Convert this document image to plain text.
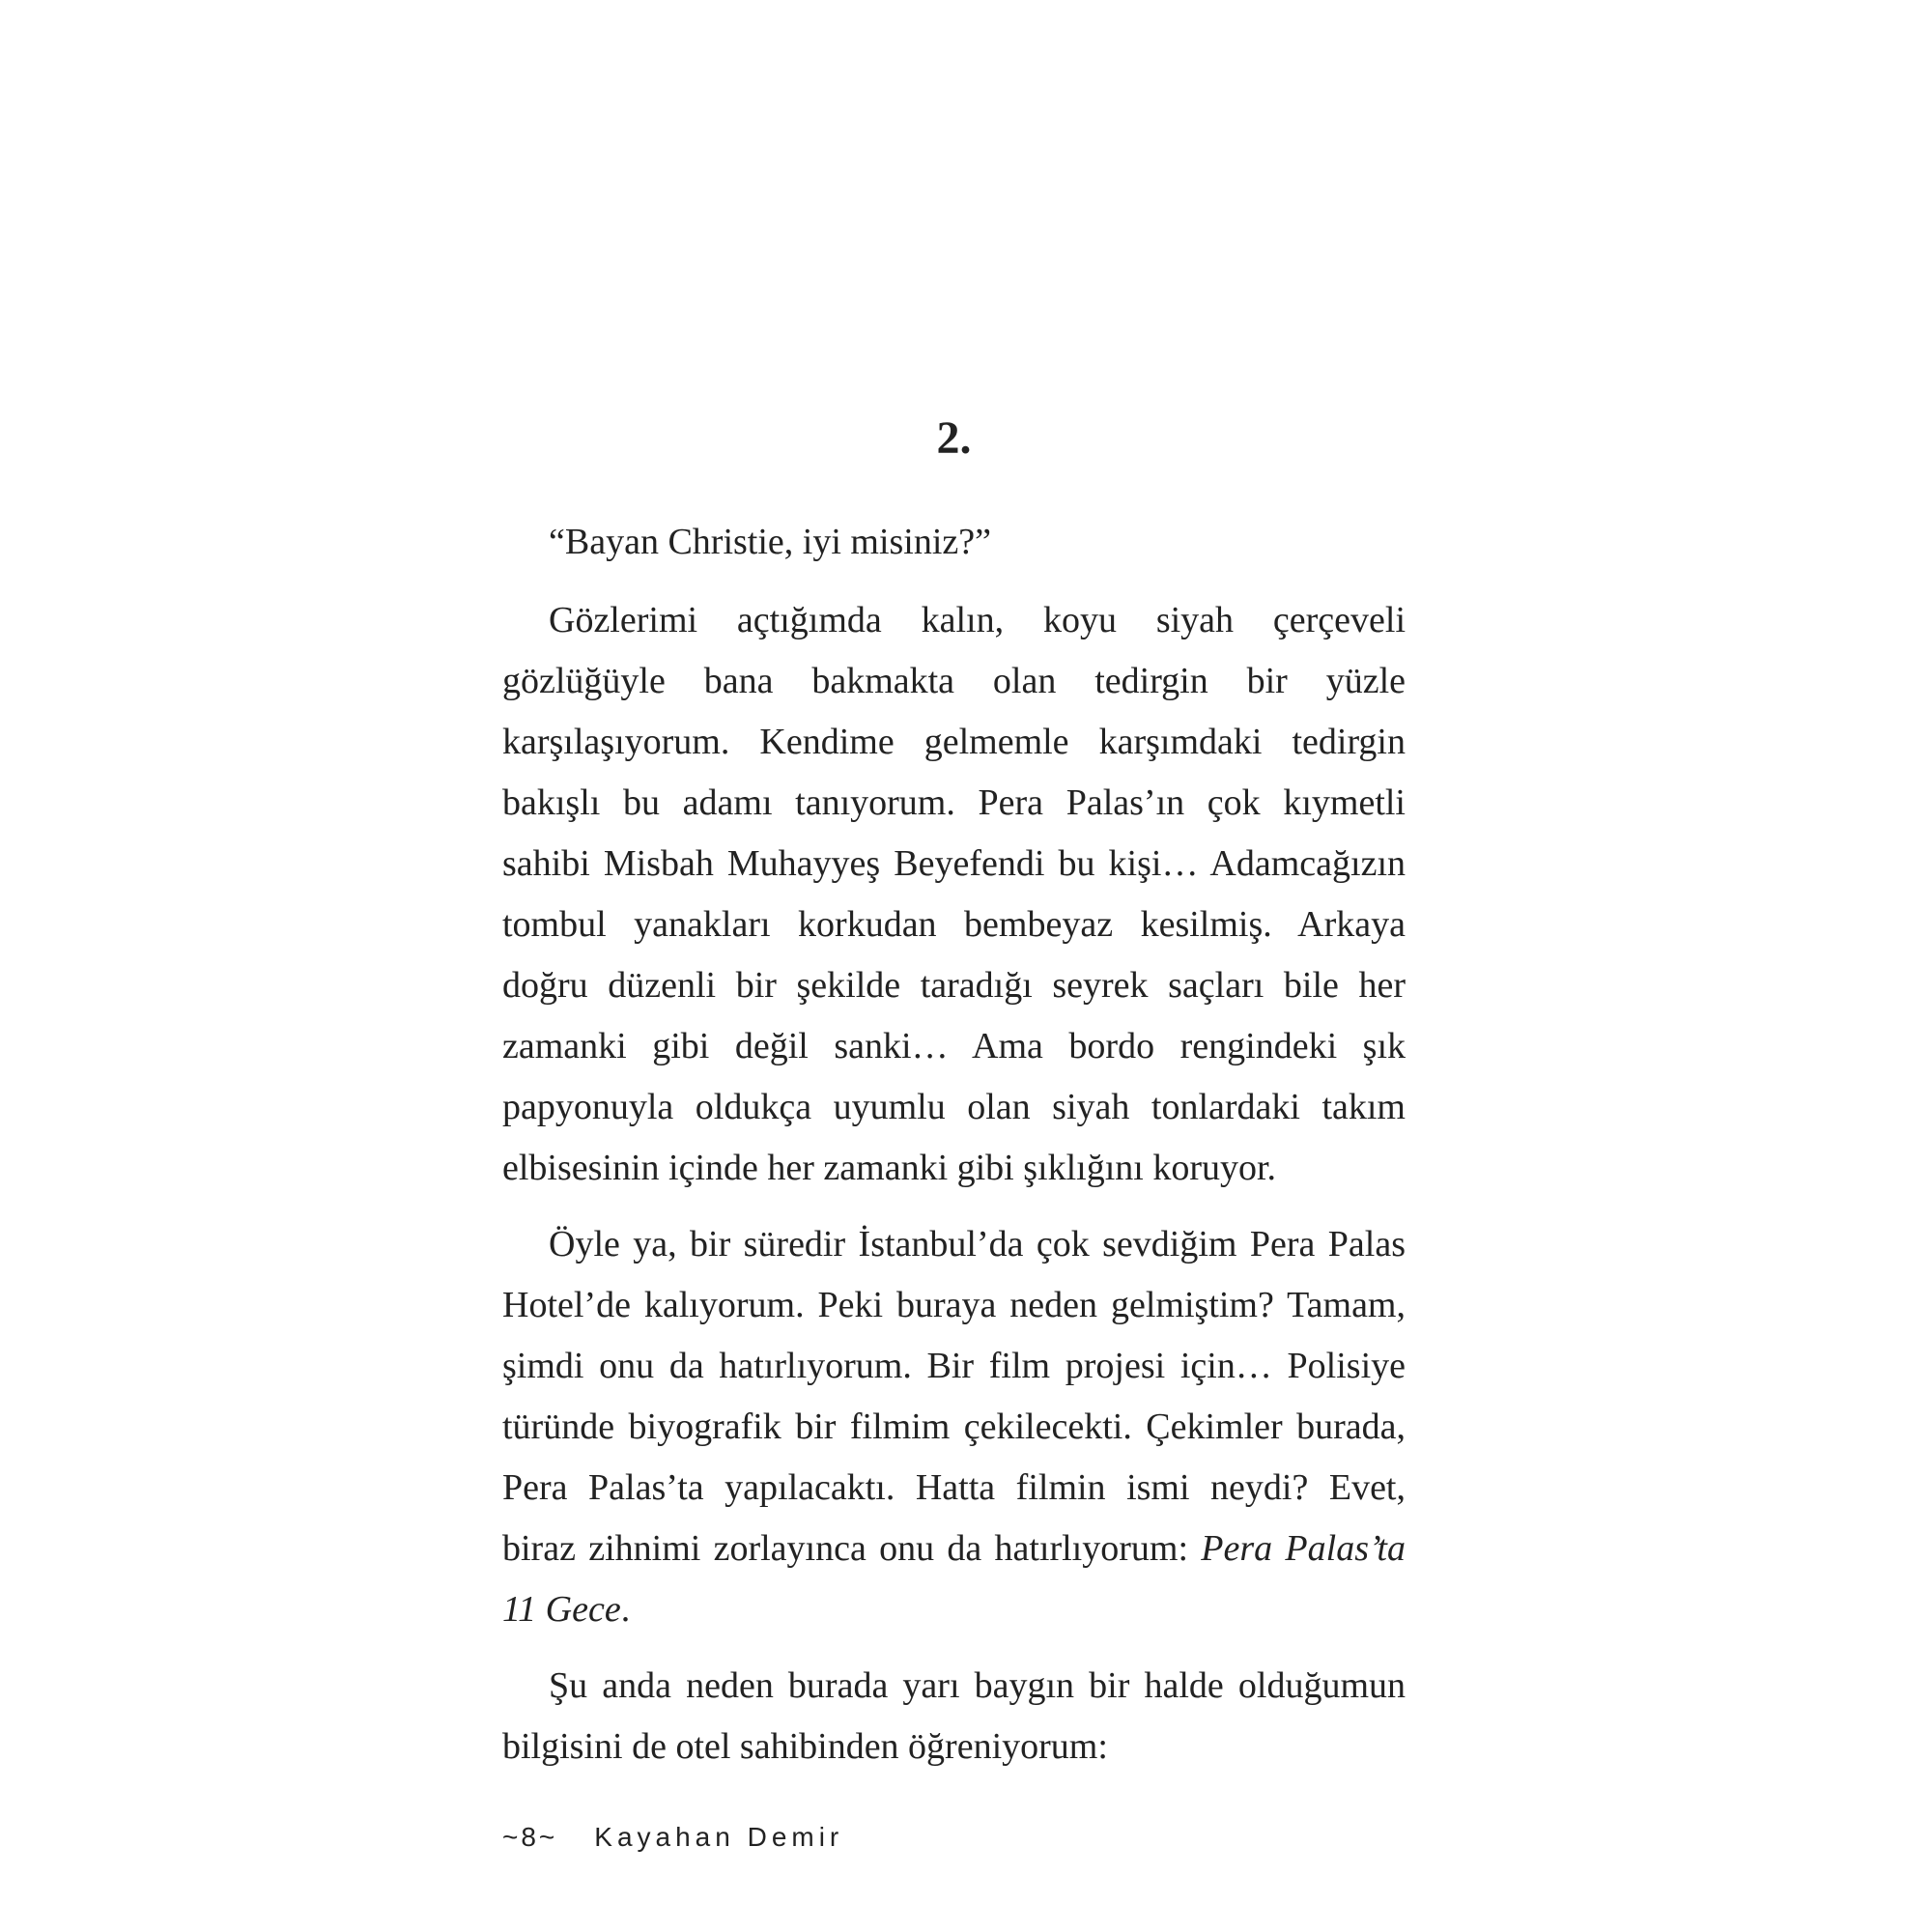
2.

“Bayan Christie, iyi misiniz?”

Gözlerimi açtığımda kalın, koyu siyah çerçeveli gözlüğüyle bana bakmakta olan tedirgin bir yüzle karşılaşıyorum. Kendime gelmemle karşımdaki tedirgin bakışlı bu adamı tanıyorum. Pera Palas’ın çok kıymetli sahibi Misbah Muhayyeş Beyefendi bu kişi… Adamcağızın tombul yanakları korkudan bembeyaz kesilmiş. Arkaya doğru düzenli bir şekilde taradığı seyrek saçları bile her zamanki gibi değil sanki… Ama bordo rengindeki şık papyonuyla oldukça uyumlu olan siyah tonlardaki takım elbisesinin içinde her zamanki gibi şıklığını koruyor.

Öyle ya, bir süredir İstanbul’da çok sevdiğim Pera Palas Hotel’de kalıyorum. Peki buraya neden gelmiştim? Tamam, şimdi onu da hatırlıyorum. Bir film projesi için… Polisiye türünde biyografik bir filmim çekilecekti. Çekimler burada, Pera Palas’ta yapılacaktı. Hatta filmin ismi neydi? Evet, biraz zihnimi zorlayınca onu da hatırlıyorum: Pera Palas’ta 11 Gece.

Şu anda neden burada yarı baygın bir halde olduğumun bilgisini de otel sahibinden öğreniyorum:

~8~ Kayahan Demir
